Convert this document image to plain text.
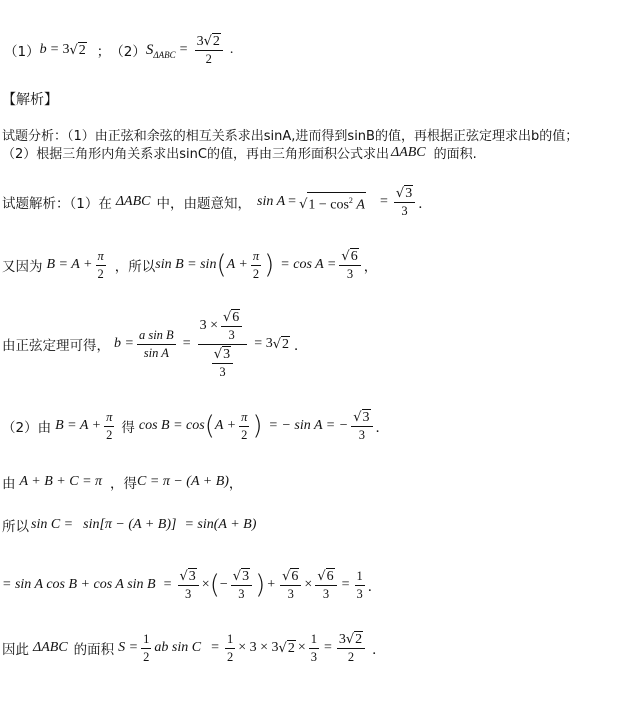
（1） b = 3 √ 2 ； （2） S $\Delta ABC = \frac{3 √ 2}{2}$ .
【解析】
试题分析：（1）由正弦和余弦的相互关系求出sinA,进而得到sinB的值，再根据正弦定理求出b的值；
（2）根据三角形内角关系求出sinC的值，再由三角形面积公式求出 ΔABC 的面积.
试题解析：（1）在 ΔABC 中，由题意知， sin A = √ $1 - \cos^2 A = \frac{√ 3}{3}$ ．
又因为 $B = A + \frac{\pi}{2}$ ，所以 sin B = sin ( $A + \frac{\pi}{2}$ ) = $\cos A = \frac{√ 6}{3}$ ，
由正弦定理可得， $b = \frac{\text{a sin B}}{\text{sin A}} = \frac{3 \times \frac{√ 6}{3}}{\frac{√ 3}{3}} = 3$ √ 2 ．
（2）由 $B = A + \frac{\pi}{2}$ 得 cos B = cos ( $A + \frac{\pi}{2}$ ) = − sin A = − $\frac{√ 3}{3}$ ．
由 A + B + C = π ，得 C = π − (A + B) ，
所以 sin C = sin[π − (A + B)] = sin(A + B)
= sin A cos B + cos A $\sin B = \frac{√ 3}{3}$ × ( − $\frac{√ 3}{3}$ ) + $\frac{√ 6}{3} \times \frac{√ 6}{3} = \frac{1}{3}$ ．
因此 ΔABC 的面积 $S = \frac{1}{2}$ ab $\sin C = \frac{1}{2} \times 3 \times 3$ √ $2 \times \frac{1}{3} = \frac{3 √ 2}{2}$ ．
